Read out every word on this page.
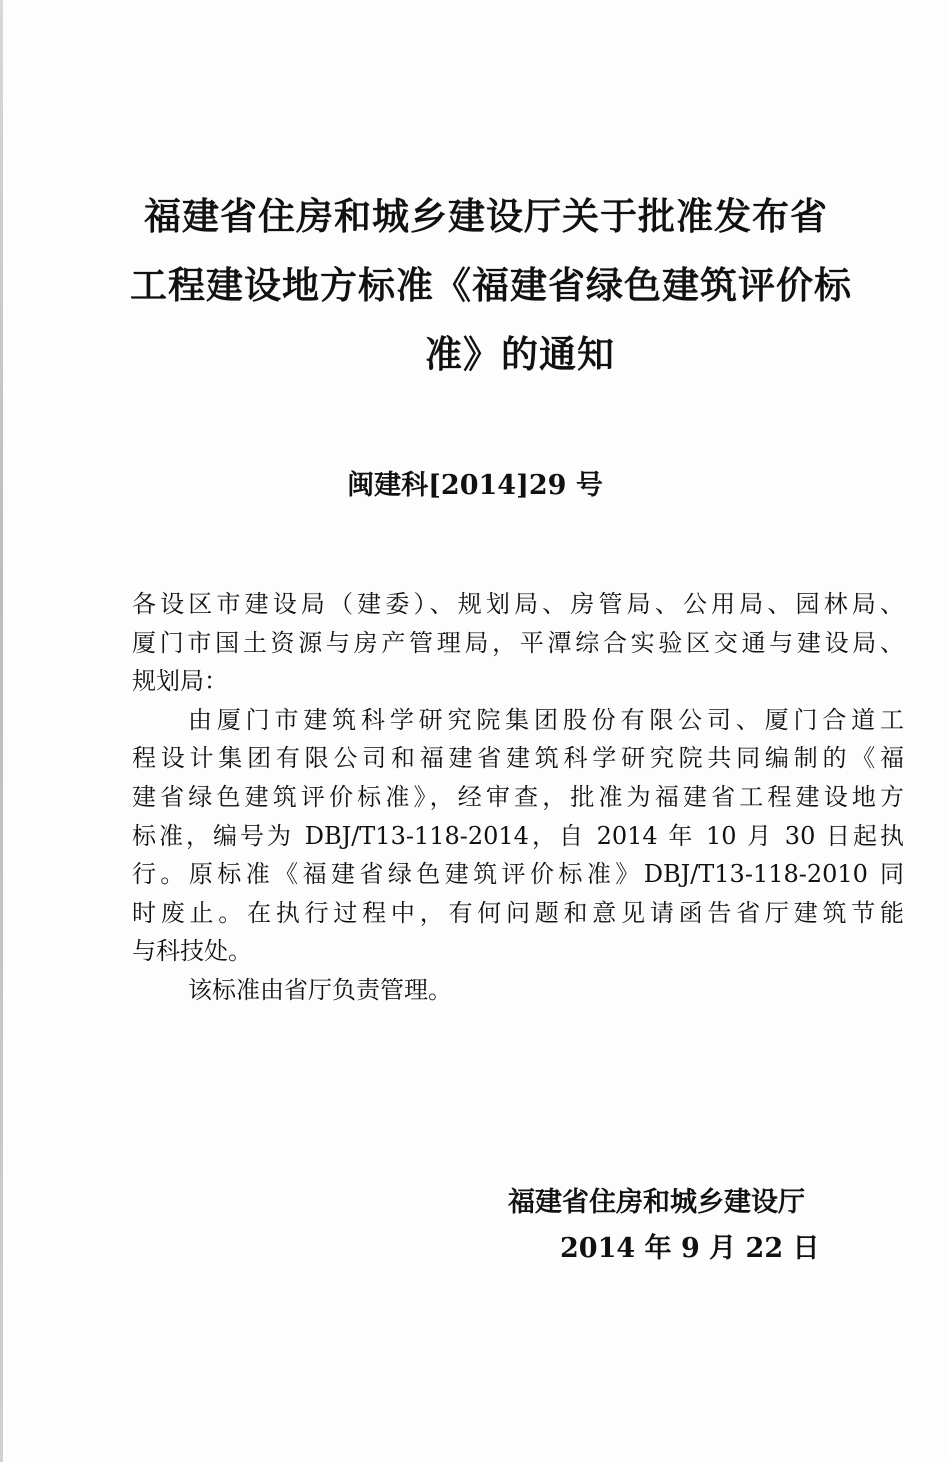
福建省住房和城乡建设厅关于批准发布省
工程建设地方标准《福建省绿色建筑评价标
准》的通知
闽建科[2014]29 号
各设区市建设局（建委）、规划局、房管局、公用局、园林局、
厦门市国土资源与房产管理局，平潭综合实验区交通与建设局、
规划局：
由厦门市建筑科学研究院集团股份有限公司、厦门合道工
程设计集团有限公司和福建省建筑科学研究院共同编制的《福
建省绿色建筑评价标准》，经审查，批准为福建省工程建设地方
标准，编号为 DBJ/T13-118-2014，自 2014 年 10 月 30 日起执
行。原标准《福建省绿色建筑评价标准》DBJ/T13-118-2010 同
时废止。在执行过程中，有何问题和意见请函告省厅建筑节能
与科技处。
该标准由省厅负责管理。
福建省住房和城乡建设厅
2014 年 9 月 22 日
